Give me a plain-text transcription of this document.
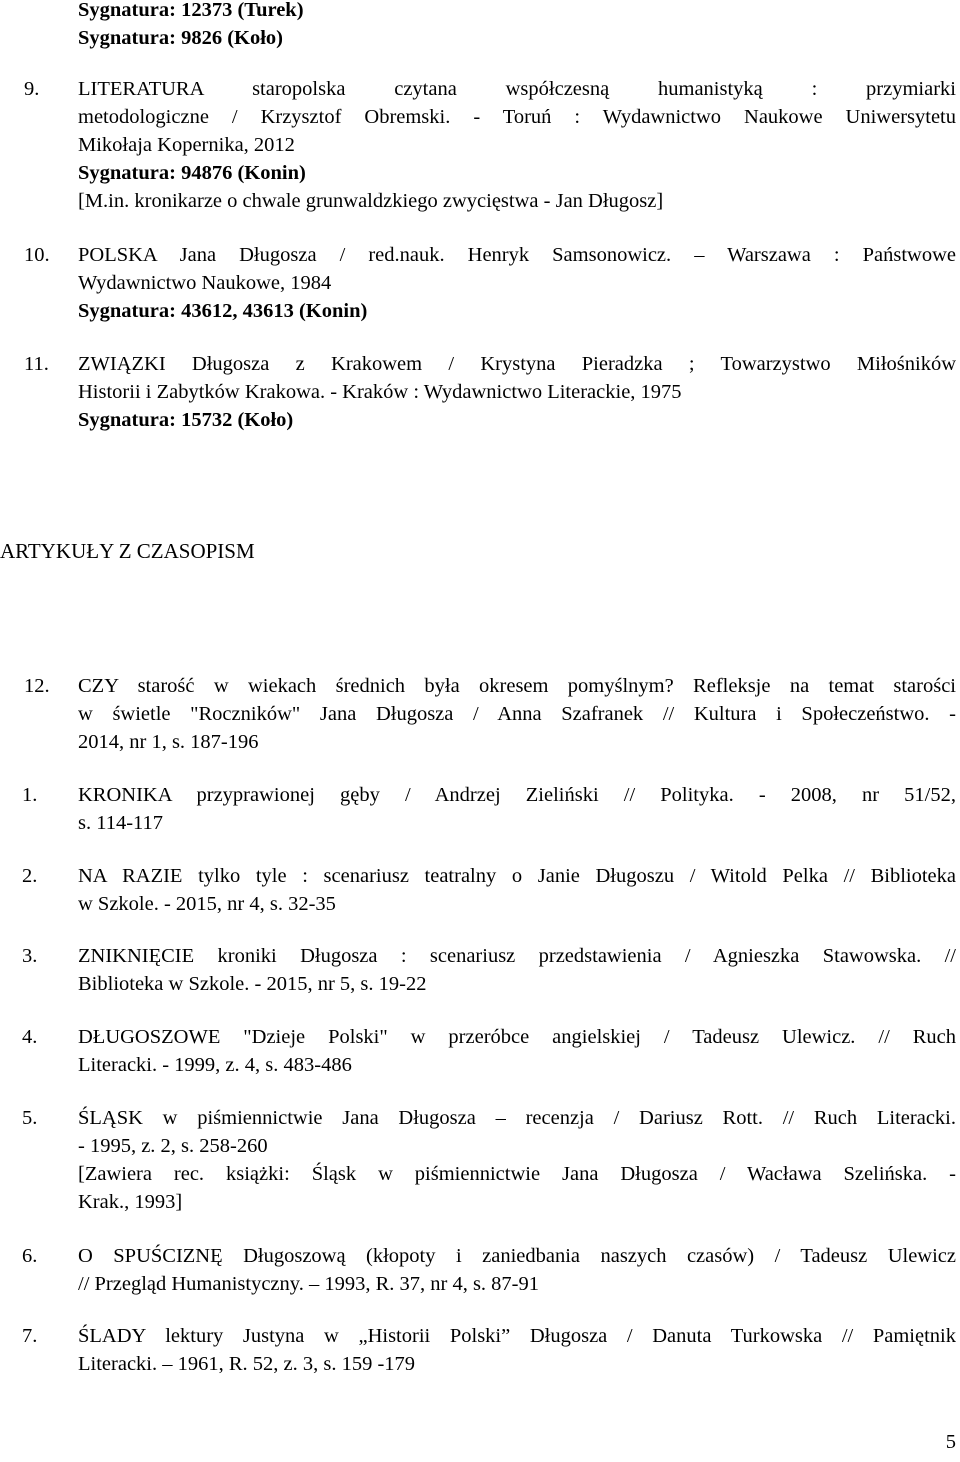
Sygnatura: 12373 (Turek)
Sygnatura: 9826 (Koło)
9. LITERATURA staropolska czytana współczesną humanistyką : przymiarki
metodologiczne / Krzysztof Obremski. - Toruń : Wydawnictwo Naukowe Uniwersytetu
Mikołaja Kopernika, 2012
Sygnatura: 94876 (Konin)
[M.in. kronikarze o chwale grunwaldzkiego zwycięstwa - Jan Długosz]
10. POLSKA Jana Długosza / red.nauk. Henryk Samsonowicz. – Warszawa : Państwowe
Wydawnictwo Naukowe, 1984
Sygnatura: 43612, 43613 (Konin)
11. ZWIĄZKI Długosza z Krakowem / Krystyna Pieradzka ; Towarzystwo Miłośników
Historii i Zabytków Krakowa. - Kraków : Wydawnictwo Literackie, 1975
Sygnatura: 15732 (Koło)
ARTYKUŁY Z CZASOPISM
12. CZY starość w wiekach średnich była okresem pomyślnym? Refleksje na temat starości
w świetle "Roczników" Jana Długosza / Anna Szafranek // Kultura i Społeczeństwo. -
2014, nr 1, s. 187-196
1. KRONIKA przyprawionej gęby / Andrzej Zieliński // Polityka. - 2008, nr 51/52,
s. 114-117
2. NA RAZIE tylko tyle : scenariusz teatralny o Janie Długoszu / Witold Pelka // Biblioteka
w Szkole. - 2015, nr 4, s. 32-35
3. ZNIKNIĘCIE kroniki Długosza : scenariusz przedstawienia / Agnieszka Stawowska. //
Biblioteka w Szkole. - 2015, nr 5, s. 19-22
4. DŁUGOSZOWE "Dzieje Polski" w przeróbce angielskiej / Tadeusz Ulewicz. // Ruch
Literacki. - 1999, z. 4, s. 483-486
5. ŚLĄSK w piśmiennictwie Jana Długosza – recenzja / Dariusz Rott. // Ruch Literacki.
- 1995, z. 2, s. 258-260
[Zawiera rec. książki: Śląsk w piśmiennictwie Jana Długosza / Wacława Szelińska. -
Krak., 1993]
6. O SPUŚCIZNĘ Długoszową (kłopoty i zaniedbania naszych czasów) / Tadeusz Ulewicz
// Przegląd Humanistyczny. – 1993, R. 37, nr 4, s. 87-91
7. ŚLADY lektury Justyna w „Historii Polski” Długosza / Danuta Turkowska // Pamiętnik
Literacki. – 1961, R. 52, z. 3, s. 159 -179
5
